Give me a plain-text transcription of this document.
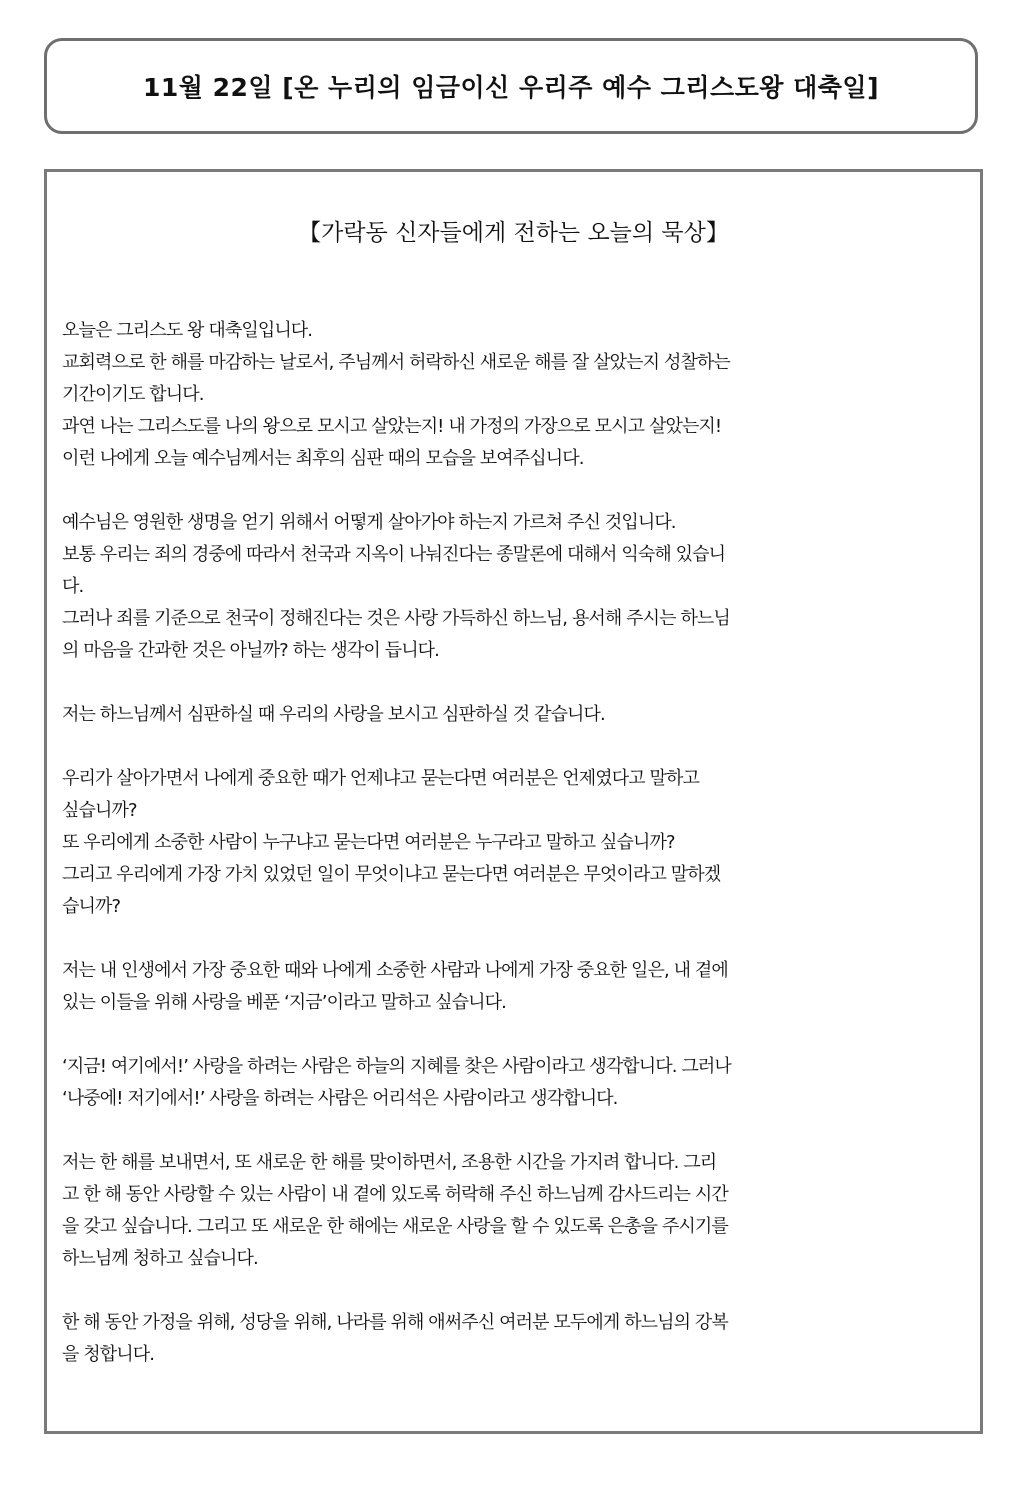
11월 22일 [온 누리의 임금이신 우리주 예수 그리스도왕 대축일]
【가락동 신자들에게 전하는 오늘의 묵상】
오늘은 그리스도 왕 대축일입니다.
교회력으로 한 해를 마감하는 날로서, 주님께서 허락하신 새로운 해를 잘 살았는지 성찰하는
기간이기도 합니다.
과연 나는 그리스도를 나의 왕으로 모시고 살았는지! 내 가정의 가장으로 모시고 살았는지!
이런 나에게 오늘 예수님께서는 최후의 심판 때의 모습을 보여주십니다.
예수님은 영원한 생명을 얻기 위해서 어떻게 살아가야 하는지 가르쳐 주신 것입니다.
보통 우리는 죄의 경중에 따라서 천국과 지옥이 나눠진다는 종말론에 대해서 익숙해 있습니
다.
그러나 죄를 기준으로 천국이 정해진다는 것은 사랑 가득하신 하느님, 용서해 주시는 하느님
의 마음을 간과한 것은 아닐까? 하는 생각이 듭니다.
저는 하느님께서 심판하실 때 우리의 사랑을 보시고 심판하실 것 같습니다.
우리가 살아가면서 나에게 중요한 때가 언제냐고 묻는다면 여러분은 언제였다고 말하고
싶습니까?
또 우리에게 소중한 사람이 누구냐고 묻는다면 여러분은 누구라고 말하고 싶습니까?
그리고 우리에게 가장 가치 있었던 일이 무엇이냐고 묻는다면 여러분은 무엇이라고 말하겠
습니까?
저는 내 인생에서 가장 중요한 때와 나에게 소중한 사람과 나에게 가장 중요한 일은, 내 곁에
있는 이들을 위해 사랑을 베푼 ‘지금’이라고 말하고 싶습니다.
‘지금! 여기에서!’ 사랑을 하려는 사람은 하늘의 지혜를 찾은 사람이라고 생각합니다. 그러나
‘나중에! 저기에서!’ 사랑을 하려는 사람은 어리석은 사람이라고 생각합니다.
저는 한 해를 보내면서, 또 새로운 한 해를 맞이하면서, 조용한 시간을 가지려 합니다. 그리
고 한 해 동안 사랑할 수 있는 사람이 내 곁에 있도록 허락해 주신 하느님께 감사드리는 시간
을 갖고 싶습니다. 그리고 또 새로운 한 해에는 새로운 사랑을 할 수 있도록 은총을 주시기를
하느님께 청하고 싶습니다.
한 해 동안 가정을 위해, 성당을 위해, 나라를 위해 애써주신 여러분 모두에게 하느님의 강복
을 청합니다.
